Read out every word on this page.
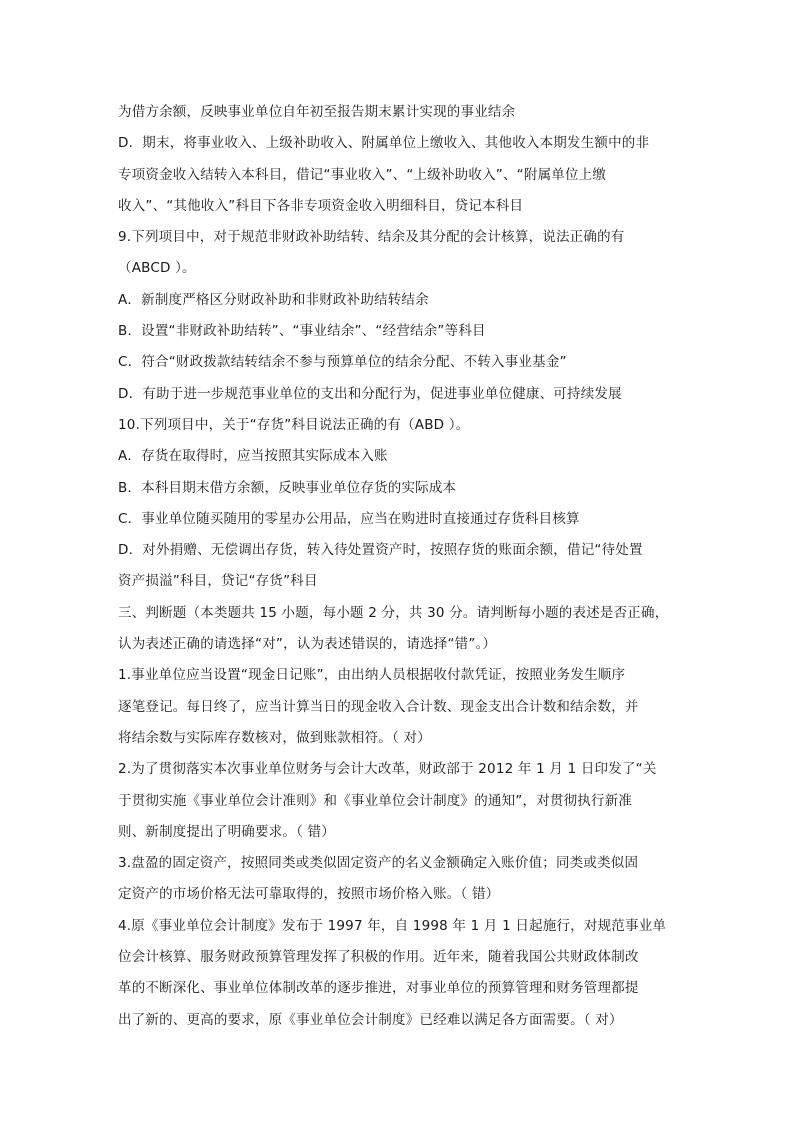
为借方余额，反映事业单位自年初至报告期末累计实现的事业结余
D．期末，将事业收入、上级补助收入、附属单位上缴收入、其他收入本期发生额中的非
专项资金收入结转入本科目，借记“事业收入”、“上级补助收入”、“附属单位上缴
收入”、“其他收入”科目下各非专项资金收入明细科目，贷记本科目
9.下列项目中，对于规范非财政补助结转、结余及其分配的会计核算，说法正确的有
（ABCD ）。
A．新制度严格区分财政补助和非财政补助结转结余
B．设置“非财政补助结转”、“事业结余”、“经营结余”等科目
C．符合“财政拨款结转结余不参与预算单位的结余分配、不转入事业基金”
D．有助于进一步规范事业单位的支出和分配行为，促进事业单位健康、可持续发展
10.下列项目中，关于“存货”科目说法正确的有（ABD ）。
A．存货在取得时，应当按照其实际成本入账
B．本科目期末借方余额，反映事业单位存货的实际成本
C．事业单位随买随用的零星办公用品，应当在购进时直接通过存货科目核算
D．对外捐赠、无偿调出存货，转入待处置资产时，按照存货的账面余额，借记“待处置
资产损溢”科目，贷记“存货”科目
三、判断题（本类题共 15 小题，每小题 2 分，共 30 分。请判断每小题的表述是否正确，
认为表述正确的请选择“对”，认为表述错误的，请选择“错”。）
1.事业单位应当设置“现金日记账”，由出纳人员根据收付款凭证，按照业务发生顺序
逐笔登记。每日终了，应当计算当日的现金收入合计数、现金支出合计数和结余数，并
将结余数与实际库存数核对，做到账款相符。（ 对）
2.为了贯彻落实本次事业单位财务与会计大改革，财政部于 2012 年 1 月 1 日印发了“关
于贯彻实施《事业单位会计准则》和《事业单位会计制度》的通知”，对贯彻执行新准
则、新制度提出了明确要求。（ 错）
3.盘盈的固定资产，按照同类或类似固定资产的名义金额确定入账价值；同类或类似固
定资产的市场价格无法可靠取得的，按照市场价格入账。（ 错）
4.原《事业单位会计制度》发布于 1997 年，自 1998 年 1 月 1 日起施行，对规范事业单
位会计核算、服务财政预算管理发挥了积极的作用。近年来，随着我国公共财政体制改
革的不断深化、事业单位体制改革的逐步推进，对事业单位的预算管理和财务管理都提
出了新的、更高的要求，原《事业单位会计制度》已经难以满足各方面需要。（ 对）
